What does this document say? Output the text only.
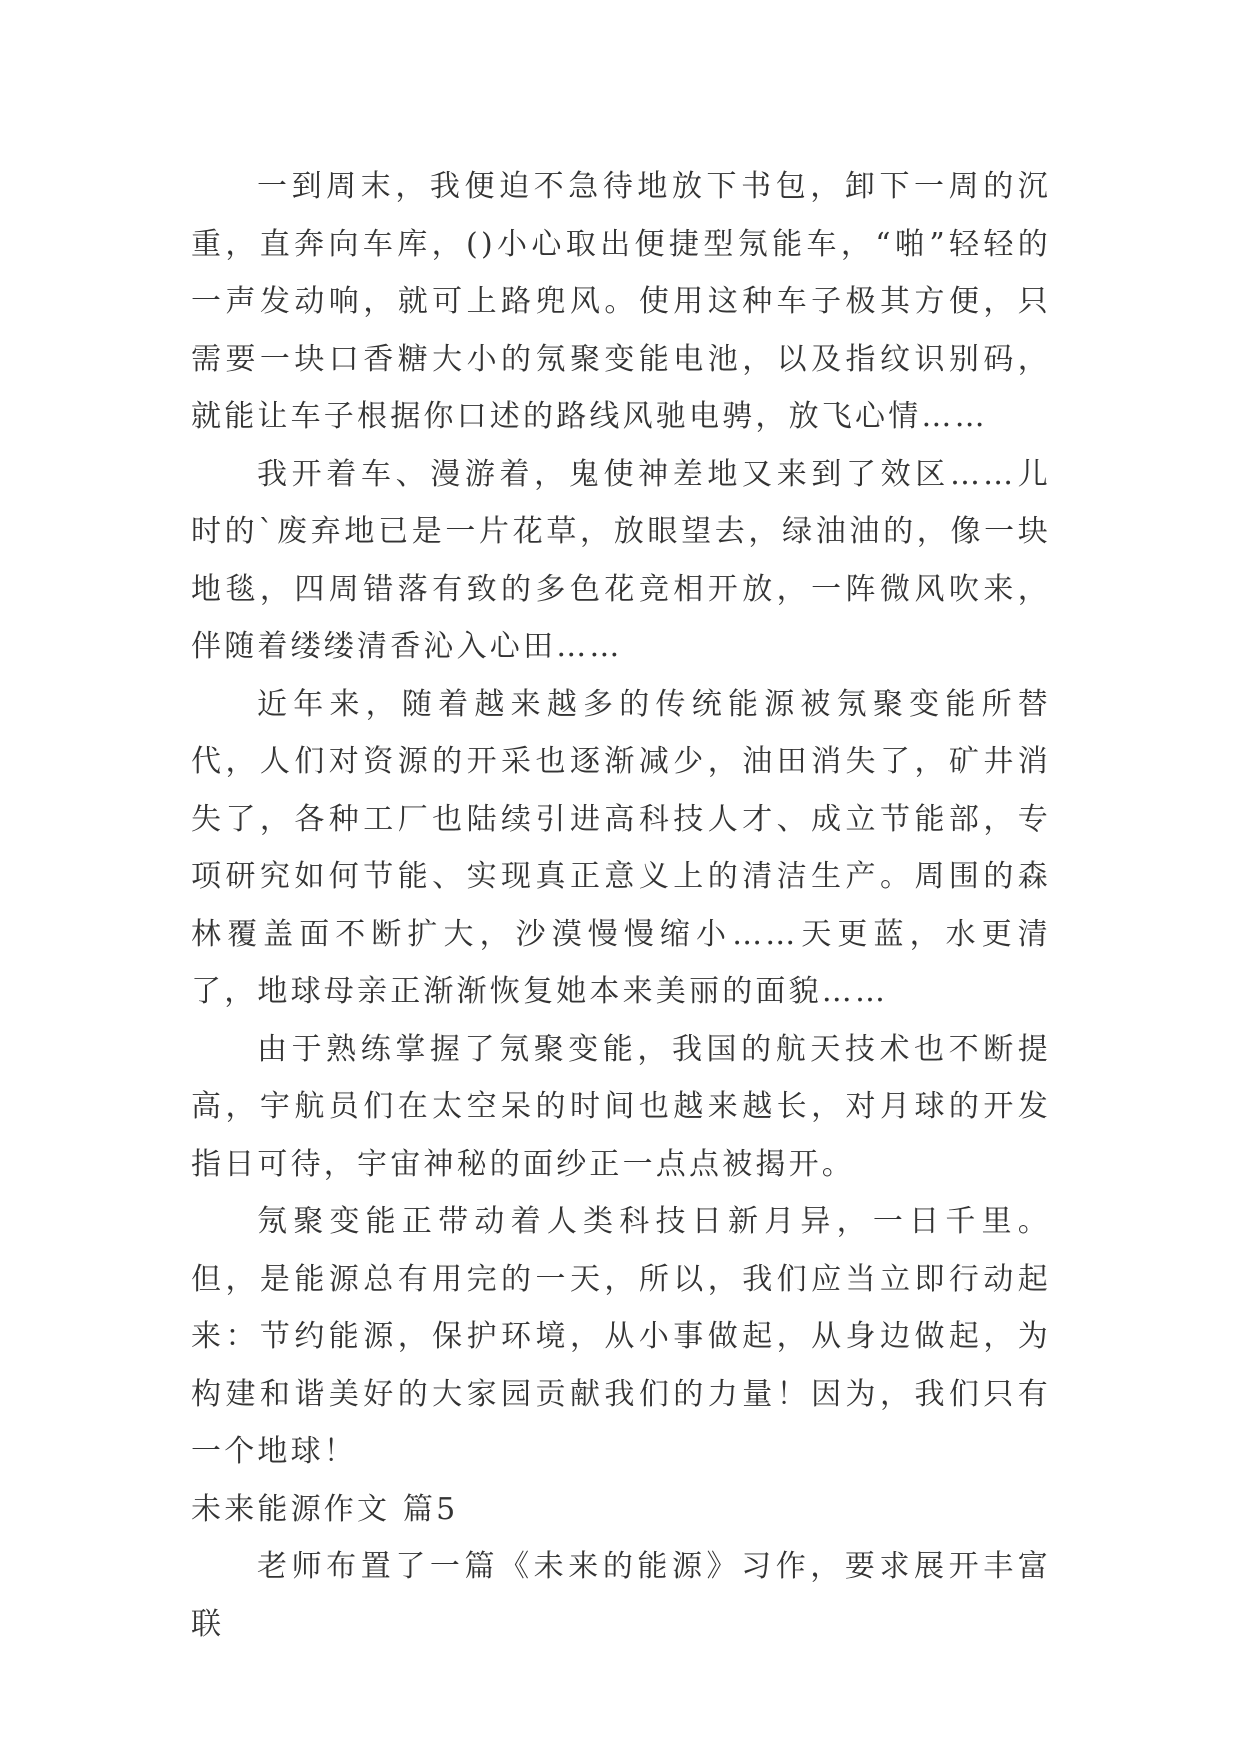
一到周末，我便迫不急待地放下书包，卸下一周的沉重，直奔向车库，()小心取出便捷型氖能车，“啪”轻轻的一声发动响，就可上路兜风。使用这种车子极其方便，只需要一块口香糖大小的氖聚变能电池，以及指纹识别码，就能让车子根据你口述的路线风驰电骋，放飞心情……

我开着车、漫游着，鬼使神差地又来到了效区……儿时的`废弃地已是一片花草，放眼望去，绿油油的，像一块地毯，四周错落有致的多色花竞相开放，一阵微风吹来，伴随着缕缕清香沁入心田……

近年来，随着越来越多的传统能源被氖聚变能所替代，人们对资源的开采也逐渐减少，油田消失了，矿井消失了，各种工厂也陆续引进高科技人才、成立节能部，专项研究如何节能、实现真正意义上的清洁生产。周围的森林覆盖面不断扩大，沙漠慢慢缩小……天更蓝，水更清了，地球母亲正渐渐恢复她本来美丽的面貌……

由于熟练掌握了氖聚变能，我国的航天技术也不断提高，宇航员们在太空呆的时间也越来越长，对月球的开发指日可待，宇宙神秘的面纱正一点点被揭开。

氖聚变能正带动着人类科技日新月异，一日千里。但，是能源总有用完的一天，所以，我们应当立即行动起来：节约能源，保护环境，从小事做起，从身边做起，为构建和谐美好的大家园贡献我们的力量！因为，我们只有一个地球！

未来能源作文 篇5

老师布置了一篇《未来的能源》习作，要求展开丰富联
